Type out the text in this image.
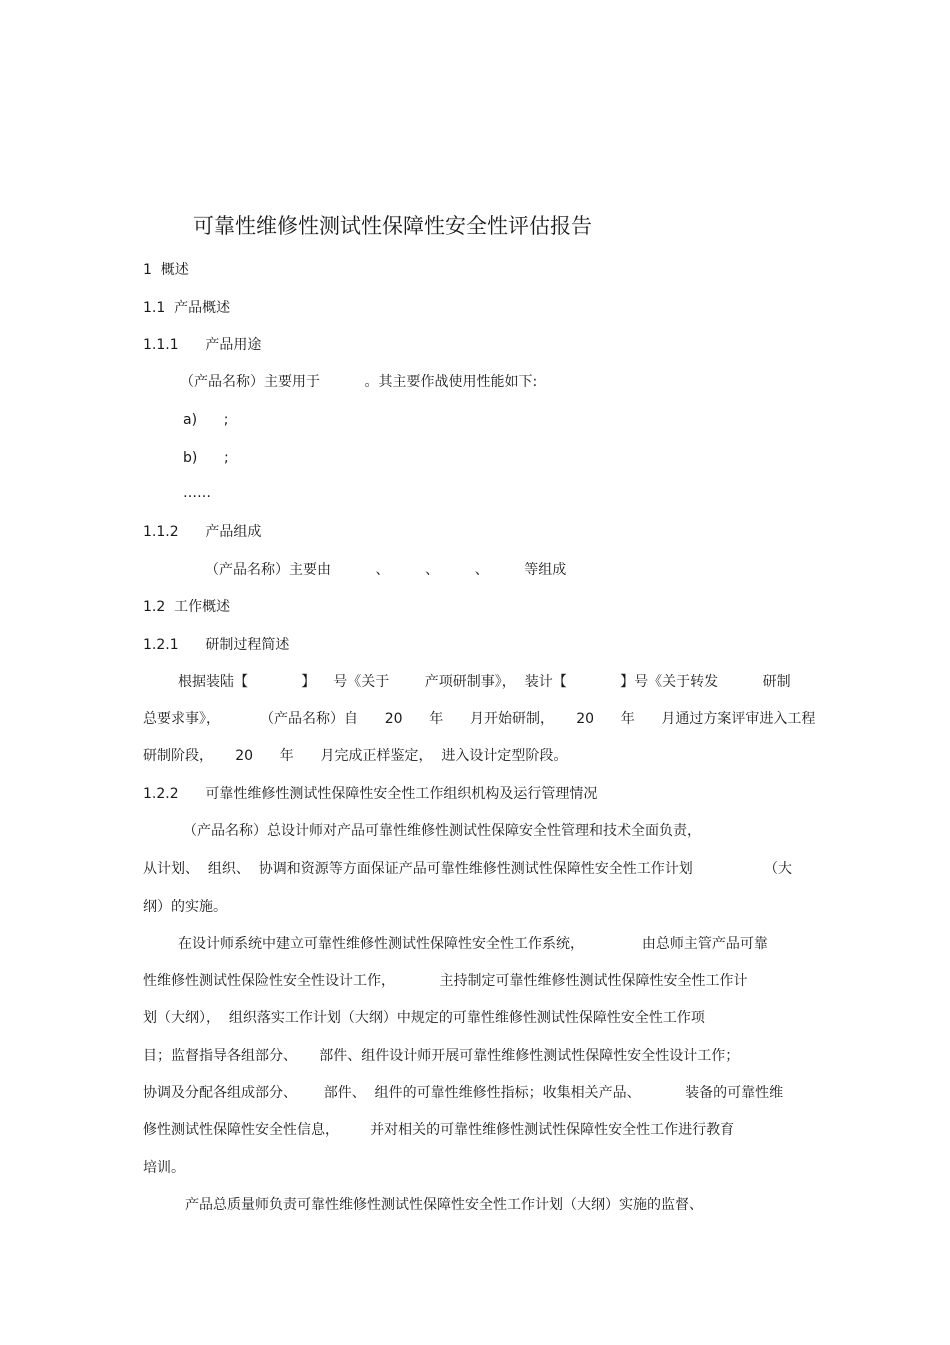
可靠性维修性测试性保障性安全性评估报告
1  概述
1.1  产品概述
1.1.1      产品用途
（产品名称）主要用于          。其主要作战使用性能如下:
a)      ;
b)      ;
……
1.1.2      产品组成
（产品名称）主要由          、        、        、        等组成
1.2  工作概述
1.2.1      研制过程简述
根据装陆【            】    号《关于        产项研制事》，  装计【            】号《关于转发          研制
总要求事》，         （产品名称）自      20      年      月开始研制，     20      年      月通过方案评审进入工程
研制阶段，     20      年      月完成正样鉴定，  进入设计定型阶段。
1.2.2      可靠性维修性测试性保障性安全性工作组织机构及运行管理情况
（产品名称）总设计师对产品可靠性维修性测试性保障安全性管理和技术全面负责，
从计划、  组织、  协调和资源等方面保证产品可靠性维修性测试性保障性安全性工作计划                （大
纲）的实施。
在设计师系统中建立可靠性维修性测试性保障性安全性工作系统，             由总师主管产品可靠
性维修性测试性保险性安全性设计工作，          主持制定可靠性维修性测试性保障性安全性工作计
划（大纲），  组织落实工作计划（大纲）中规定的可靠性维修性测试性保障性安全性工作项
目；监督指导各组部分、     部件、组件设计师开展可靠性维修性测试性保障性安全性设计工作；
协调及分配各组成部分、      部件、  组件的可靠性维修性指标；收集相关产品、          装备的可靠性维
修性测试性保障性安全性信息，       并对相关的可靠性维修性测试性保障性安全性工作进行教育
培训。
产品总质量师负责可靠性维修性测试性保障性安全性工作计划（大纲）实施的监督、
